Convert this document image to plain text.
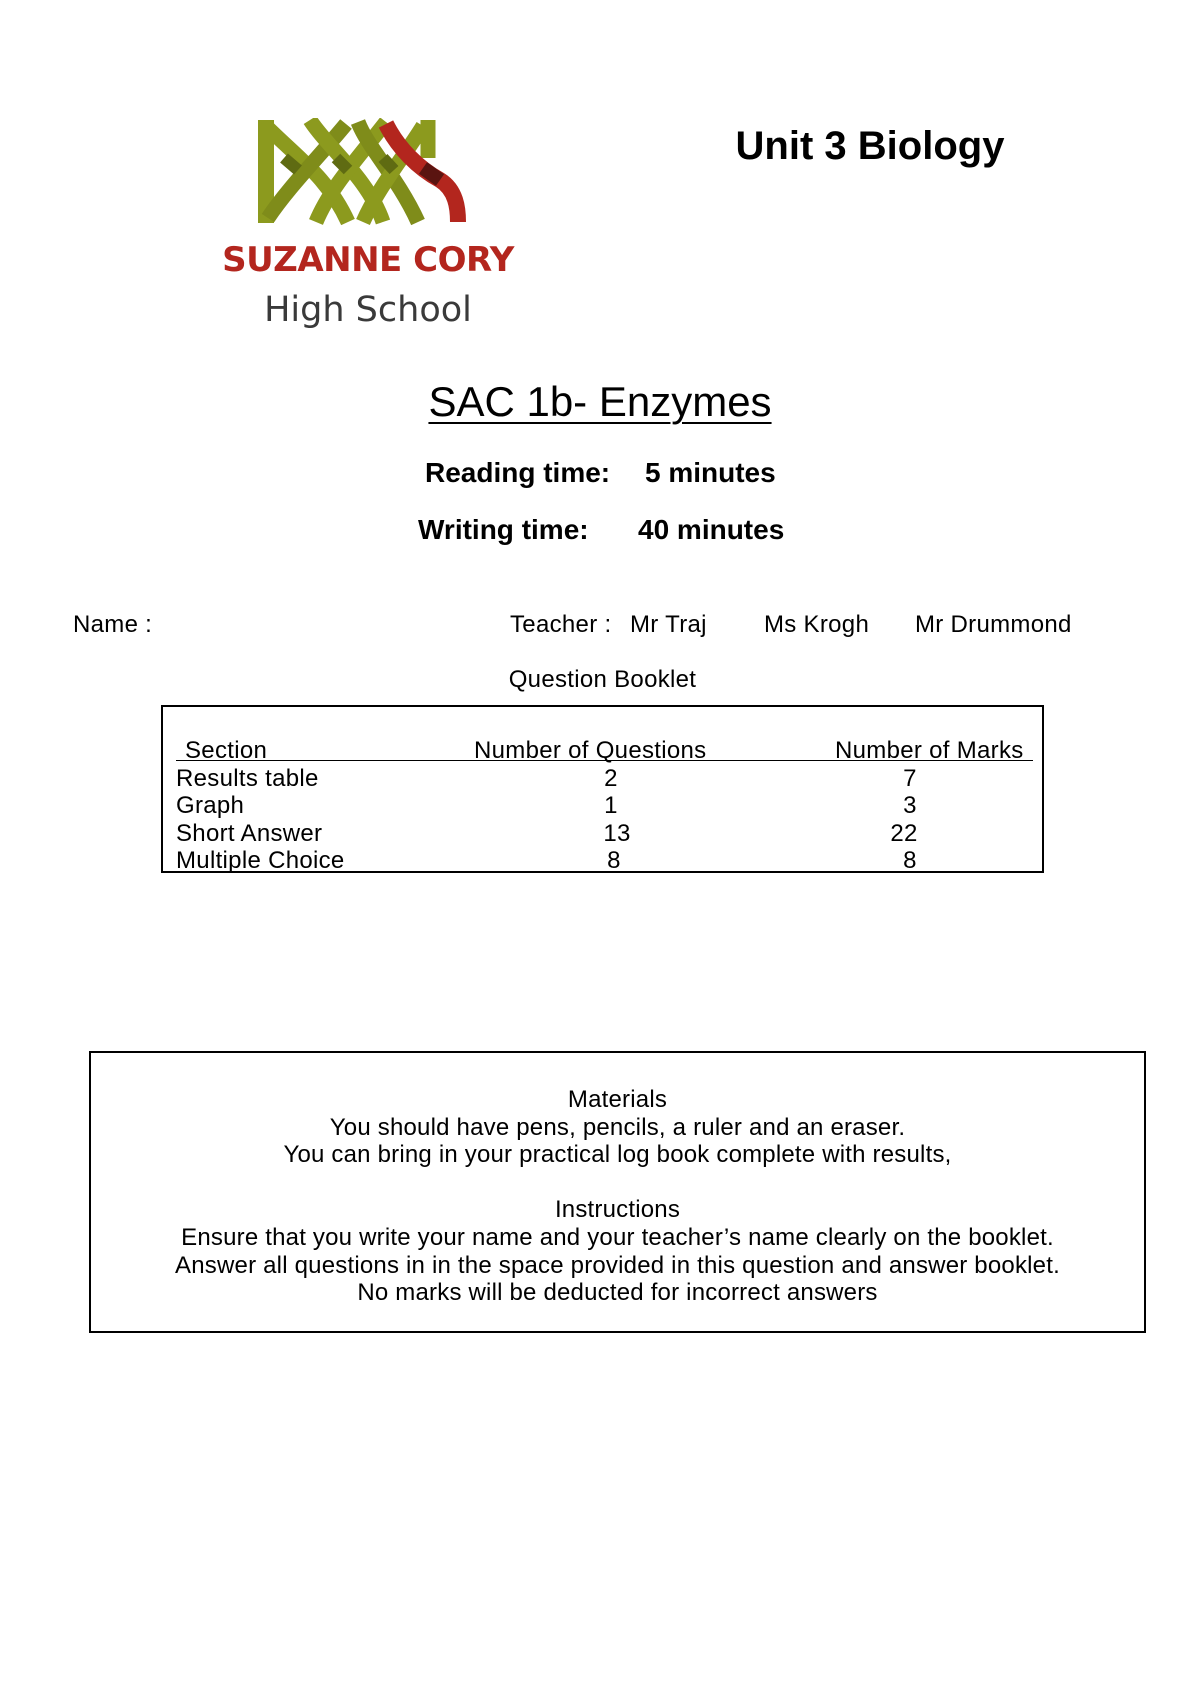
SUZANNE CORY
High School
Unit 3 Biology
SAC 1b- Enzymes
Reading time: 5 minutes
Writing time: 40 minutes
Name :	Teacher : Mr Traj Ms Krogh Mr Drummond
Question Booklet
Section	Number of Questions	Number of Marks
Results table	2	7
Graph	1	3
Short Answer	13	22
Multiple Choice	8	8
Materials
You should have pens, pencils, a ruler and an eraser.
You can bring in your practical log book complete with results,
Instructions
Ensure that you write your name and your teacher’s name clearly on the booklet.
Answer all questions in in the space provided in this question and answer booklet.
No marks will be deducted for incorrect answers
